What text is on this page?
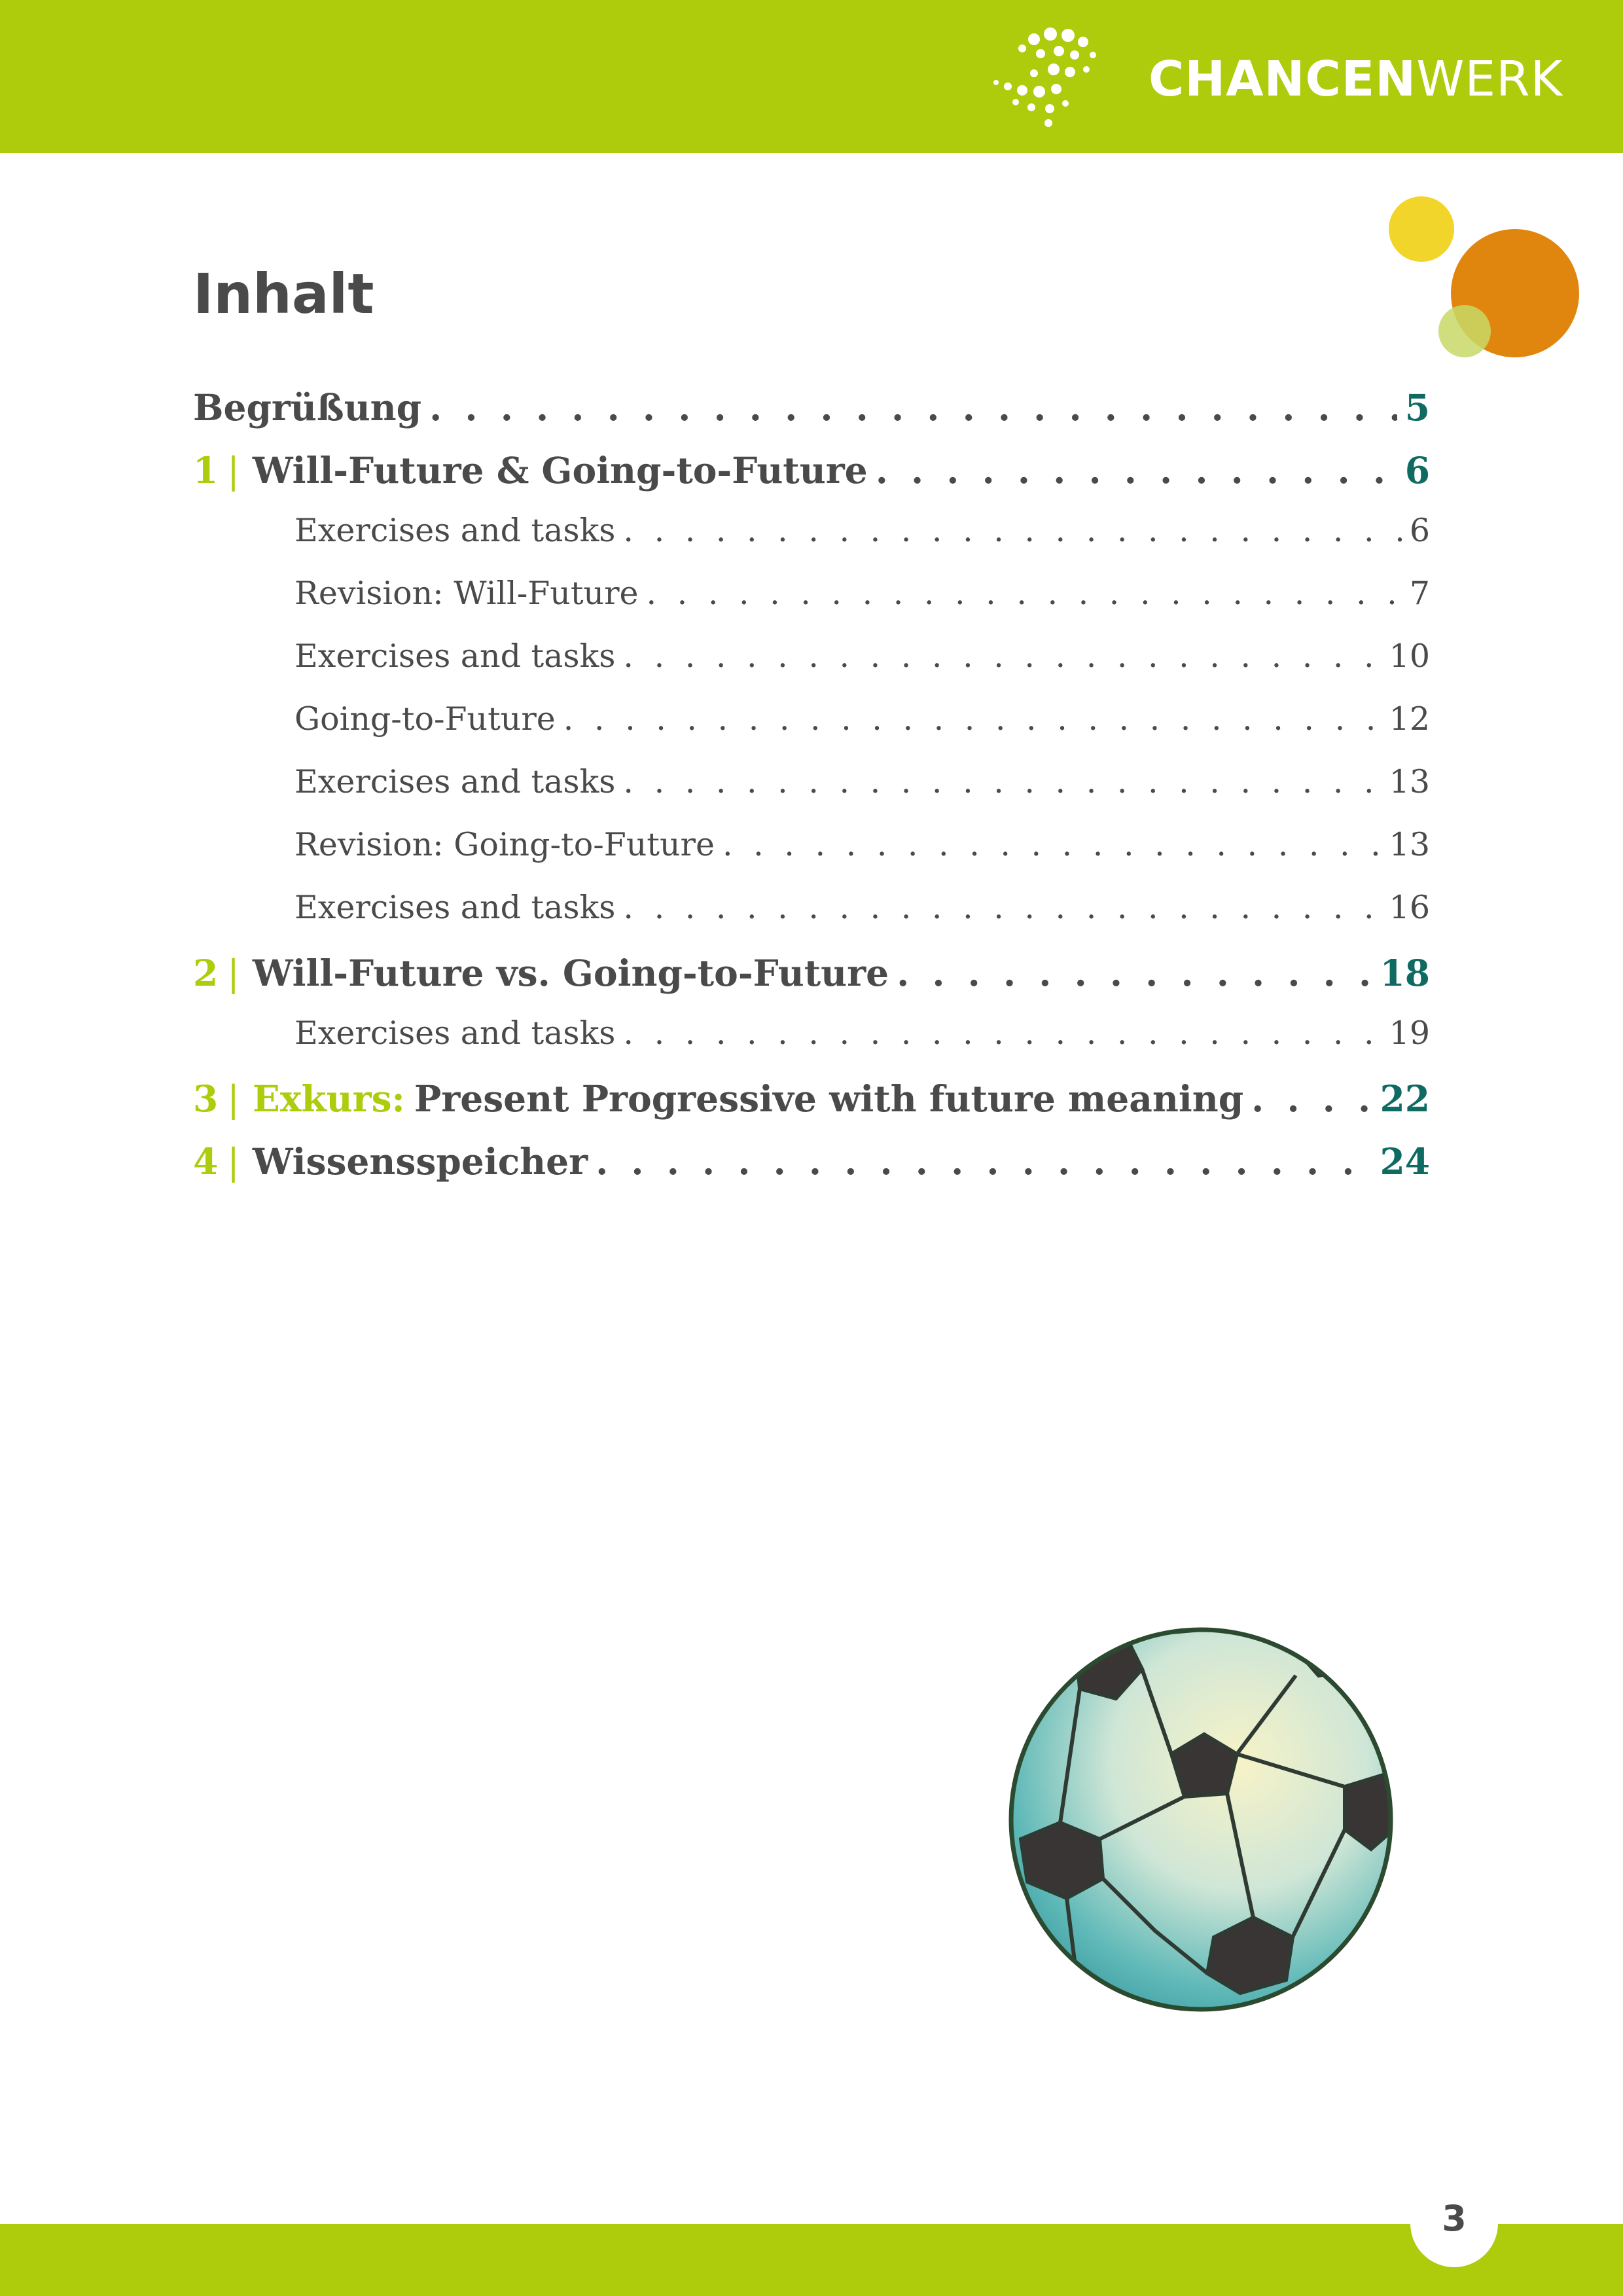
CHANCENWERK
Inhalt
Begrüßung . . .	5
1 | Will-Future & Going-to-Future . . .	6
Exercises and tasks . . .	6
Revision: Will-Future . . .	7
Exercises and tasks . . .	10
Going-to-Future . . .	12
Exercises and tasks . . .	13
Revision: Going-to-Future . . .	13
Exercises and tasks . . .	16
2 | Will-Future vs. Going-to-Future . . .	18
Exercises and tasks . . .	19
3 | Exkurs: Present Progressive with future meaning . . .	22
4 | Wissensspeicher . . .	24
3
